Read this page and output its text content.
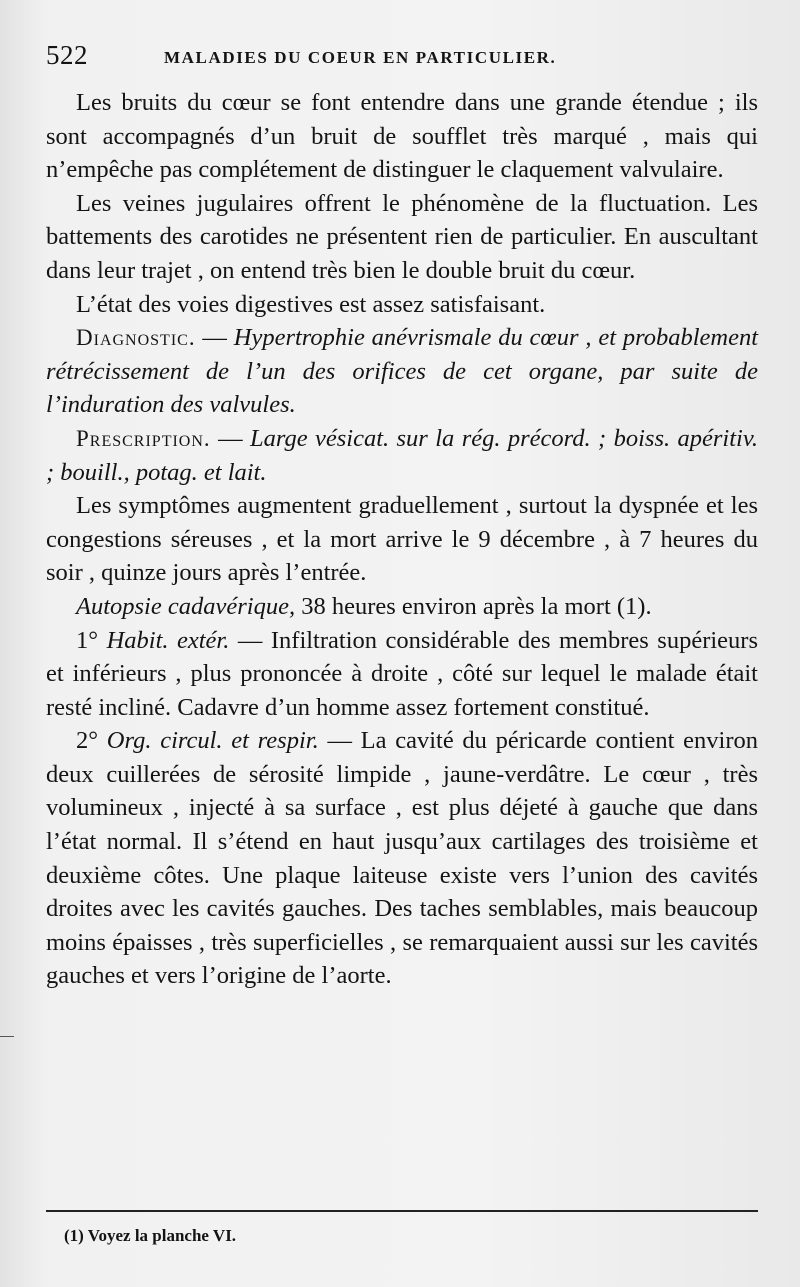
522	MALADIES DU COEUR EN PARTICULIER.

Les bruits du cœur se font entendre dans une grande étendue ; ils sont accompagnés d’un bruit de soufflet très marqué , mais qui n’empêche pas complétement de distinguer le claquement valvulaire.

Les veines jugulaires offrent le phénomène de la fluctuation. Les battements des carotides ne présentent rien de particulier. En auscultant dans leur trajet , on entend très bien le double bruit du cœur.

L’état des voies digestives est assez satisfaisant.

Diagnostic. — Hypertrophie anévrismale du cœur , et probablement rétrécissement de l’un des orifices de cet organe, par suite de l’induration des valvules.

Prescription. — Large vésicat. sur la rég. précord. ; boiss. apéritiv. ; bouill., potag. et lait.

Les symptômes augmentent graduellement , surtout la dyspnée et les congestions séreuses , et la mort arrive le 9 décembre , à 7 heures du soir , quinze jours après l’entrée.

Autopsie cadavérique, 38 heures environ après la mort (1).

1° Habit. extér. — Infiltration considérable des membres supérieurs et inférieurs , plus prononcée à droite , côté sur lequel le malade était resté incliné. Cadavre d’un homme assez fortement constitué.

2° Org. circul. et respir. — La cavité du péricarde contient environ deux cuillerées de sérosité limpide , jaune-verdâtre. Le cœur , très volumineux , injecté à sa surface , est plus déjeté à gauche que dans l’état normal. Il s’étend en haut jusqu’aux cartilages des troisième et deuxième côtes. Une plaque laiteuse existe vers l’union des cavités droites avec les cavités gauches. Des taches semblables, mais beaucoup moins épaisses , très superficielles , se remarquaient aussi sur les cavités gauches et vers l’origine de l’aorte.

(1) Voyez la planche VI.
